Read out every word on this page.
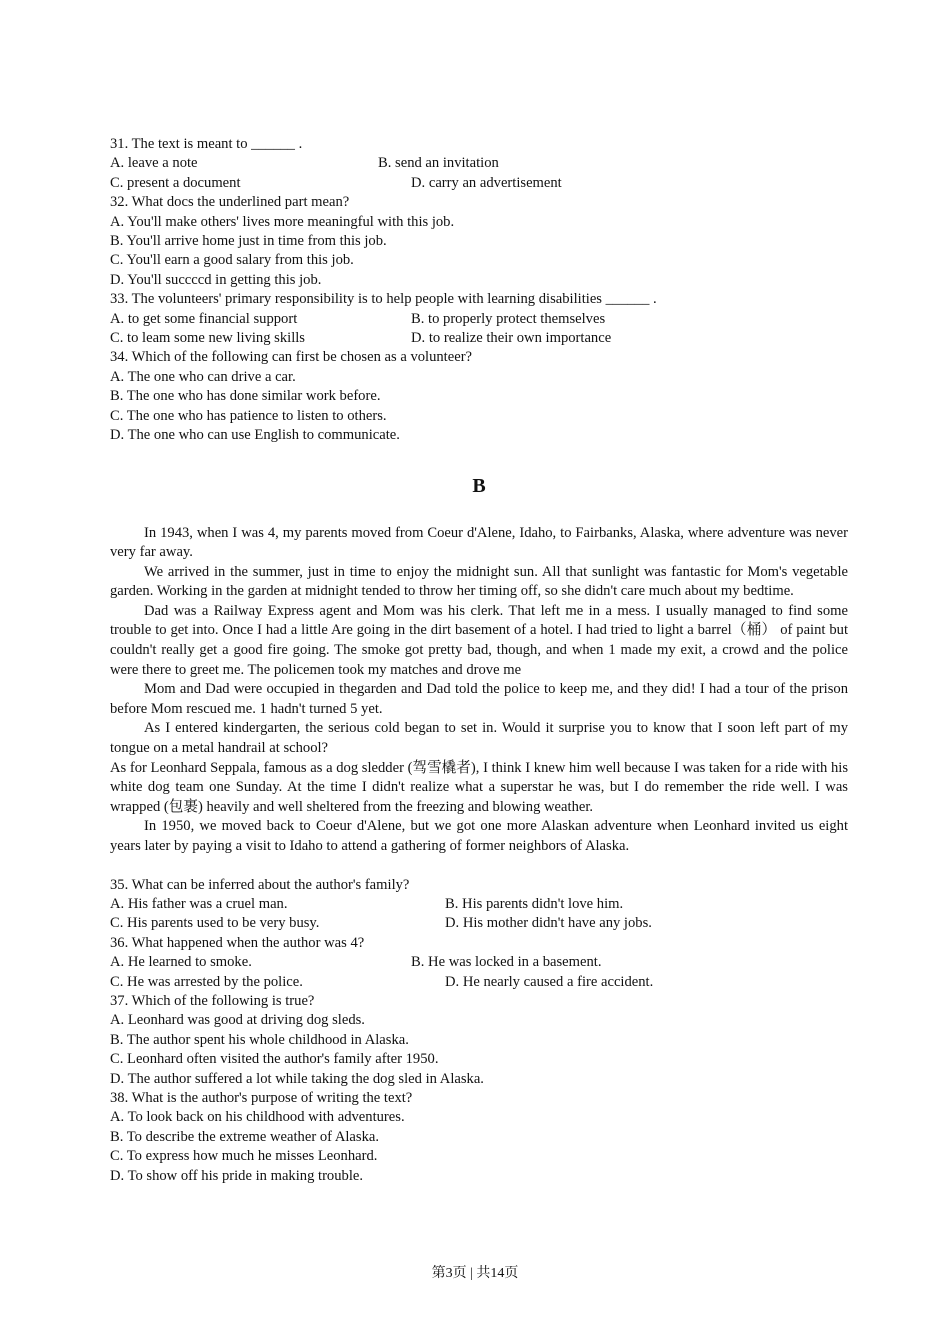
31. The text is meant to ______ .
A. leave a note	B. send an invitation
C. present a document	D. carry an advertisement
32. What docs the underlined part mean?
A. You'll make others' lives more meaningful with this job.
B. You'll arrive home just in time from this job.
C. You'll earn a good salary from this job.
D. You'll succccd in getting this job.
33. The volunteers' primary responsibility is to help people with learning disabilities ______ .
A. to get some financial support	B. to properly protect themselves
C. to leam some new living skills	D. to realize their own importance
34. Which of the following can first be chosen as a volunteer?
A. The one who can drive a car.
B. The one who has done similar work before.
C. The one who has patience to listen to others.
D. The one who can use English to communicate.
B

In 1943, when I was 4, my parents moved from Coeur d'Alene, Idaho, to Fairbanks, Alaska, where adventure was never very far away.

We arrived in the summer, just in time to enjoy the midnight sun. All that sunlight was fantastic for Mom's vegetable garden. Working in the garden at midnight tended to throw her timing off, so she didn't care much about my bedtime.

Dad was a Railway Express agent and Mom was his clerk. That left me in a mess. I usually managed to find some trouble to get into. Once I had a little Are going in the dirt basement of a hotel. I had tried to light a barrel（桶） of paint but couldn't really get a good fire going. The smoke got pretty bad, though, and when 1 made my exit, a crowd and the police were there to greet me. The policemen took my matches and drove me

Mom and Dad were occupied in thegarden and Dad told the police to keep me, and they did! I had a tour of the prison before Mom rescued me. 1 hadn't turned 5 yet.

As I entered kindergarten, the serious cold began to set in. Would it surprise you to know that I soon left part of my tongue on a metal handrail at school?

As for Leonhard Seppala, famous as a dog sledder (驾雪橇者), I think I knew him well because I was taken for a ride with his white dog team one Sunday. At the time I didn't realize what a superstar he was, but I do remember the ride well. I was wrapped (包裹) heavily and well sheltered from the freezing and blowing weather.

In 1950, we moved back to Coeur d'Alene, but we got one more Alaskan adventure when Leonhard invited us eight years later by paying a visit to Idaho to attend a gathering of former neighbors of Alaska.

35. What can be inferred about the author's family?
A. His father was a cruel man.	B. His parents didn't love him.
C. His parents used to be very busy.	D. His mother didn't have any jobs.
36. What happened when the author was 4?
A. He learned to smoke.	B. He was locked in a basement.
C. He was arrested by the police.	D. He nearly caused a fire accident.
37. Which of the following is true?
A. Leonhard was good at driving dog sleds.
B. The author spent his whole childhood in Alaska.
C. Leonhard often visited the author's family after 1950.
D. The author suffered a lot while taking the dog sled in Alaska.
38. What is the author's purpose of writing the text?
A. To look back on his childhood with adventures.
B. To describe the extreme weather of Alaska.
C. To express how much he misses Leonhard.
D. To show off his pride in making trouble.
第3页 | 共14页
